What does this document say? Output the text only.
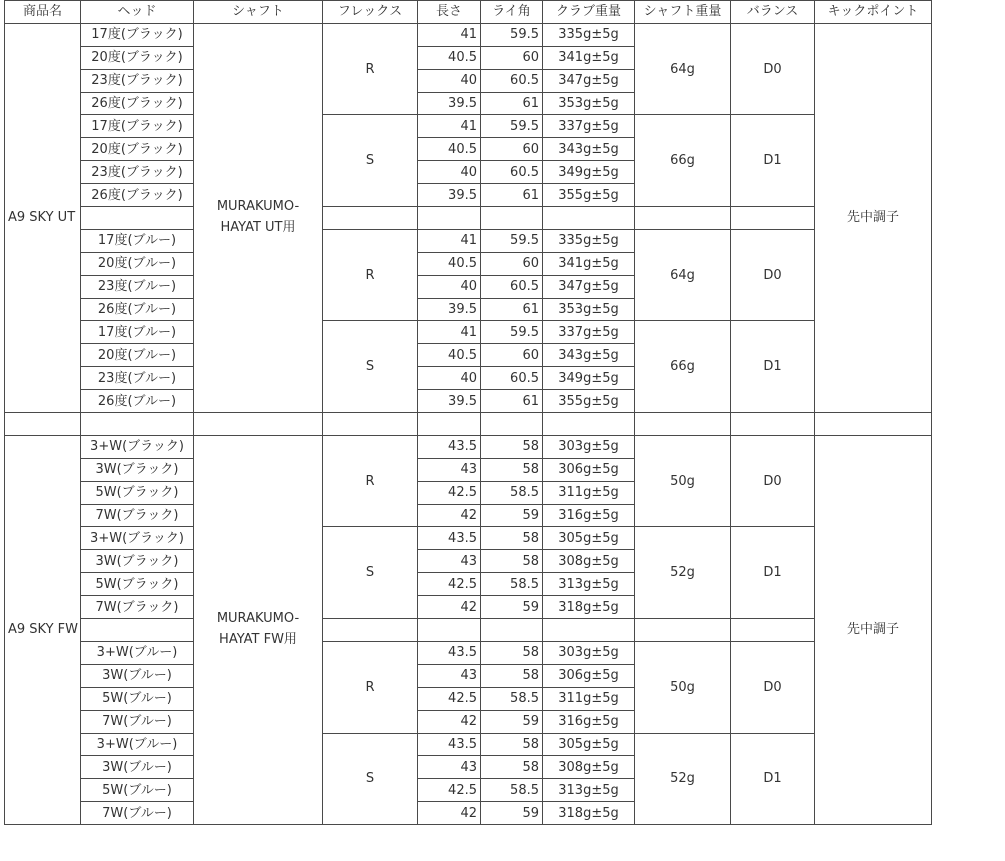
商品名	ヘッド	シャフト	フレックス	長さ	ライ角	クラブ重量	シャフト重量	バランス	キックポイント
A9 SKY UT	17度(ブラック)	MURAKUMO-HAYAT UT用	R	41	59.5	335g±5g	64g	D0	先中調子
	20度(ブラック)			40.5	60	341g±5g			
	23度(ブラック)			40	60.5	347g±5g			
	26度(ブラック)			39.5	61	353g±5g			
	17度(ブラック)		S	41	59.5	337g±5g	66g	D1	
	20度(ブラック)			40.5	60	343g±5g			
	23度(ブラック)			40	60.5	349g±5g			
	26度(ブラック)			39.5	61	355g±5g			

	17度(ブルー)		R	41	59.5	335g±5g	64g	D0	
	20度(ブルー)			40.5	60	341g±5g			
	23度(ブルー)			40	60.5	347g±5g			
	26度(ブルー)			39.5	61	353g±5g			
	17度(ブルー)		S	41	59.5	337g±5g	66g	D1	
	20度(ブルー)			40.5	60	343g±5g			
	23度(ブルー)			40	60.5	349g±5g			
	26度(ブルー)			39.5	61	355g±5g			

A9 SKY FW	3+W(ブラック)	MURAKUMO-HAYAT FW用	R	43.5	58	303g±5g	50g	D0	先中調子
	3W(ブラック)			43	58	306g±5g			
	5W(ブラック)			42.5	58.5	311g±5g			
	7W(ブラック)			42	59	316g±5g			
	3+W(ブラック)		S	43.5	58	305g±5g	52g	D1	
	3W(ブラック)			43	58	308g±5g			
	5W(ブラック)			42.5	58.5	313g±5g			
	7W(ブラック)			42	59	318g±5g			

	3+W(ブルー)		R	43.5	58	303g±5g	50g	D0	
	3W(ブルー)			43	58	306g±5g			
	5W(ブルー)			42.5	58.5	311g±5g			
	7W(ブルー)			42	59	316g±5g			
	3+W(ブルー)		S	43.5	58	305g±5g	52g	D1	
	3W(ブルー)			43	58	308g±5g			
	5W(ブルー)			42.5	58.5	313g±5g			
	7W(ブルー)			42	59	318g±5g			
